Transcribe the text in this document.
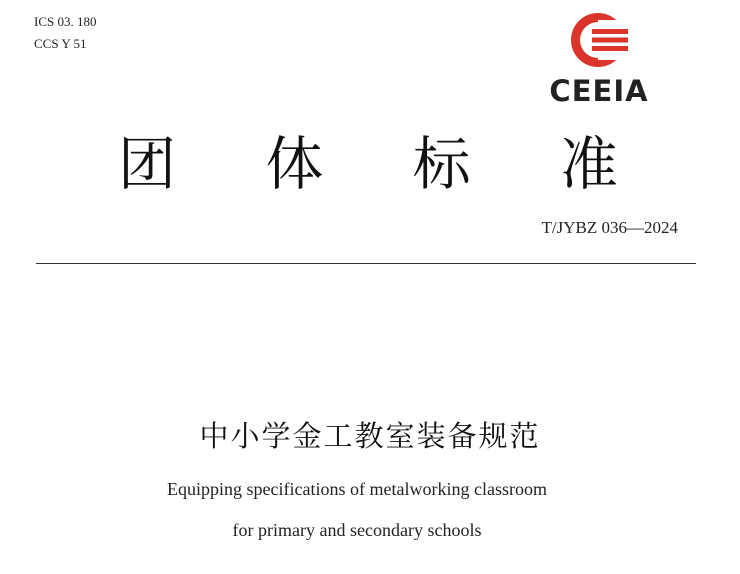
ICS 03. 180
CCS Y 51
CEEIA
团 体 标 准
T/JYBZ 036—2024
中小学金工教室装备规范
Equipping specifications of metalworking classroom
for primary and secondary schools
